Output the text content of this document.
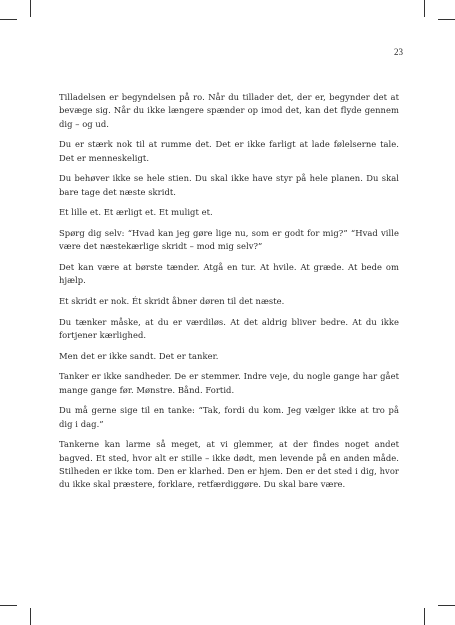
23

Tilladelsen er begyndelsen på ro. Når du tillader det, der er, begynder det at bevæge sig. Når du ikke længere spænder op imod det, kan det flyde gennem dig – og ud.

Du er stærk nok til at rumme det. Det er ikke farligt at lade følelserne tale. Det er menneskeligt.

Du behøver ikke se hele stien. Du skal ikke have styr på hele planen. Du skal bare tage det næste skridt.

Et lille et. Et ærligt et. Et muligt et.

Spørg dig selv: “Hvad kan jeg gøre lige nu, som er godt for mig?” “Hvad ville være det næstekærlige skridt – mod mig selv?”

Det kan være at børste tænder. Atgå en tur. At hvile. At græde. At bede om hjælp.

Et skridt er nok. Ét skridt åbner døren til det næste.

Du tænker måske, at du er værdiløs. At det aldrig bliver bedre. At du ikke fortjener kærlighed.

Men det er ikke sandt. Det er tanker.

Tanker er ikke sandheder. De er stemmer. Indre veje, du nogle gange har gået mange gange før. Mønstre. Bånd. Fortid.

Du må gerne sige til en tanke: “Tak, fordi du kom. Jeg vælger ikke at tro på dig i dag.”

Tankerne kan larme så meget, at vi glemmer, at der findes noget andet bagved. Et sted, hvor alt er stille – ikke dødt, men levende på en anden måde. Stilheden er ikke tom. Den er klarhed. Den er hjem. Den er det sted i dig, hvor du ikke skal præstere, forklare, retfærdiggøre. Du skal bare være.
